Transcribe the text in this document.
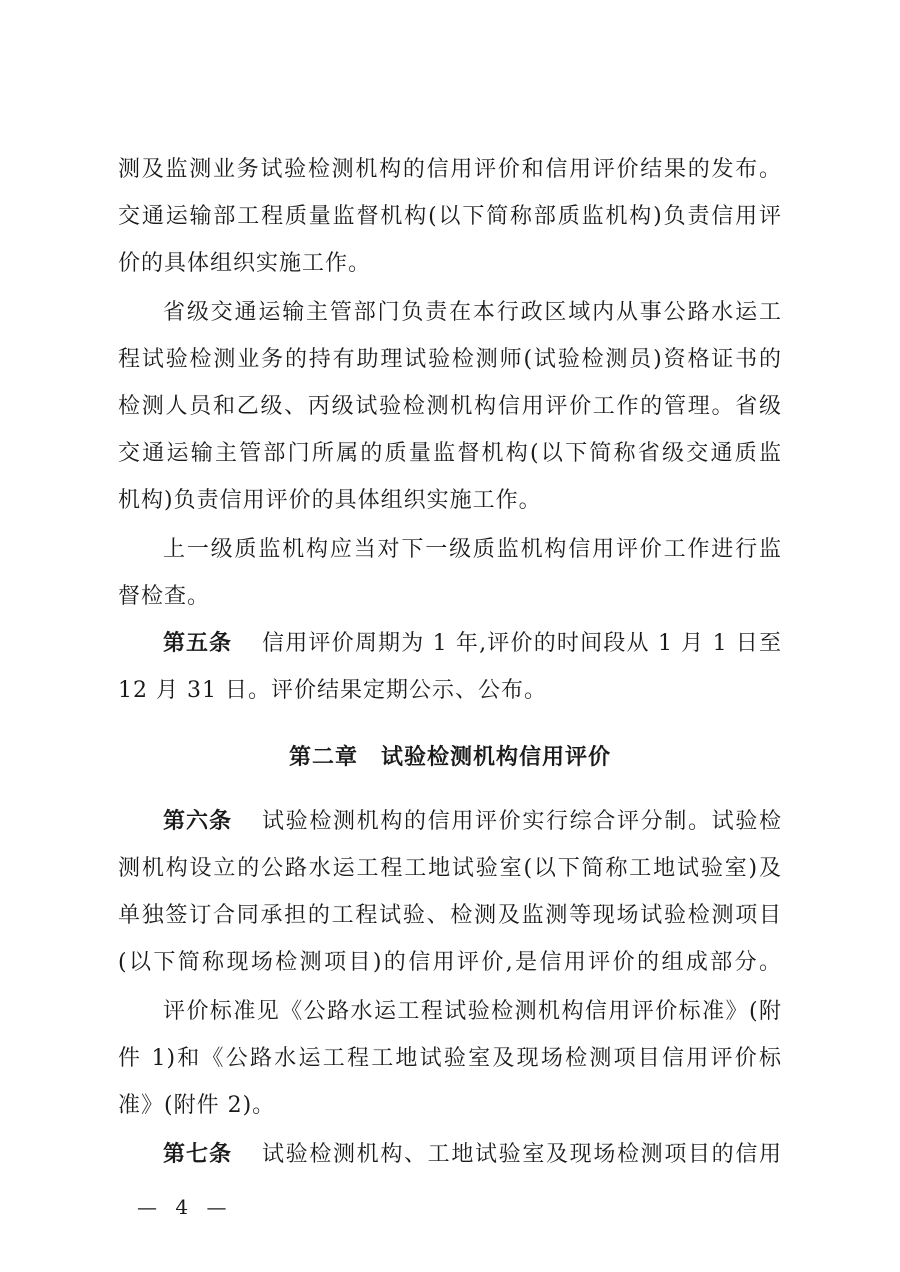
测及监测业务试验检测机构的信用评价和信用评价结果的发布。
交通运输部工程质量监督机构(以下简称部质监机构)负责信用评
价的具体组织实施工作。
省级交通运输主管部门负责在本行政区域内从事公路水运工
程试验检测业务的持有助理试验检测师(试验检测员)资格证书的
检测人员和乙级、丙级试验检测机构信用评价工作的管理。省级
交通运输主管部门所属的质量监督机构(以下简称省级交通质监
机构)负责信用评价的具体组织实施工作。
上一级质监机构应当对下一级质监机构信用评价工作进行监
督检查。
第五条 信用评价周期为 1 年,评价的时间段从 1 月 1 日至
12 月 31 日。评价结果定期公示、公布。
第二章　试验检测机构信用评价
第六条 试验检测机构的信用评价实行综合评分制。试验检
测机构设立的公路水运工程工地试验室(以下简称工地试验室)及
单独签订合同承担的工程试验、检测及监测等现场试验检测项目
(以下简称现场检测项目)的信用评价,是信用评价的组成部分。
评价标准见《公路水运工程试验检测机构信用评价标准》(附
件 1)和《公路水运工程工地试验室及现场检测项目信用评价标
准》(附件 2)。
第七条 试验检测机构、工地试验室及现场检测项目的信用
— 4 —
